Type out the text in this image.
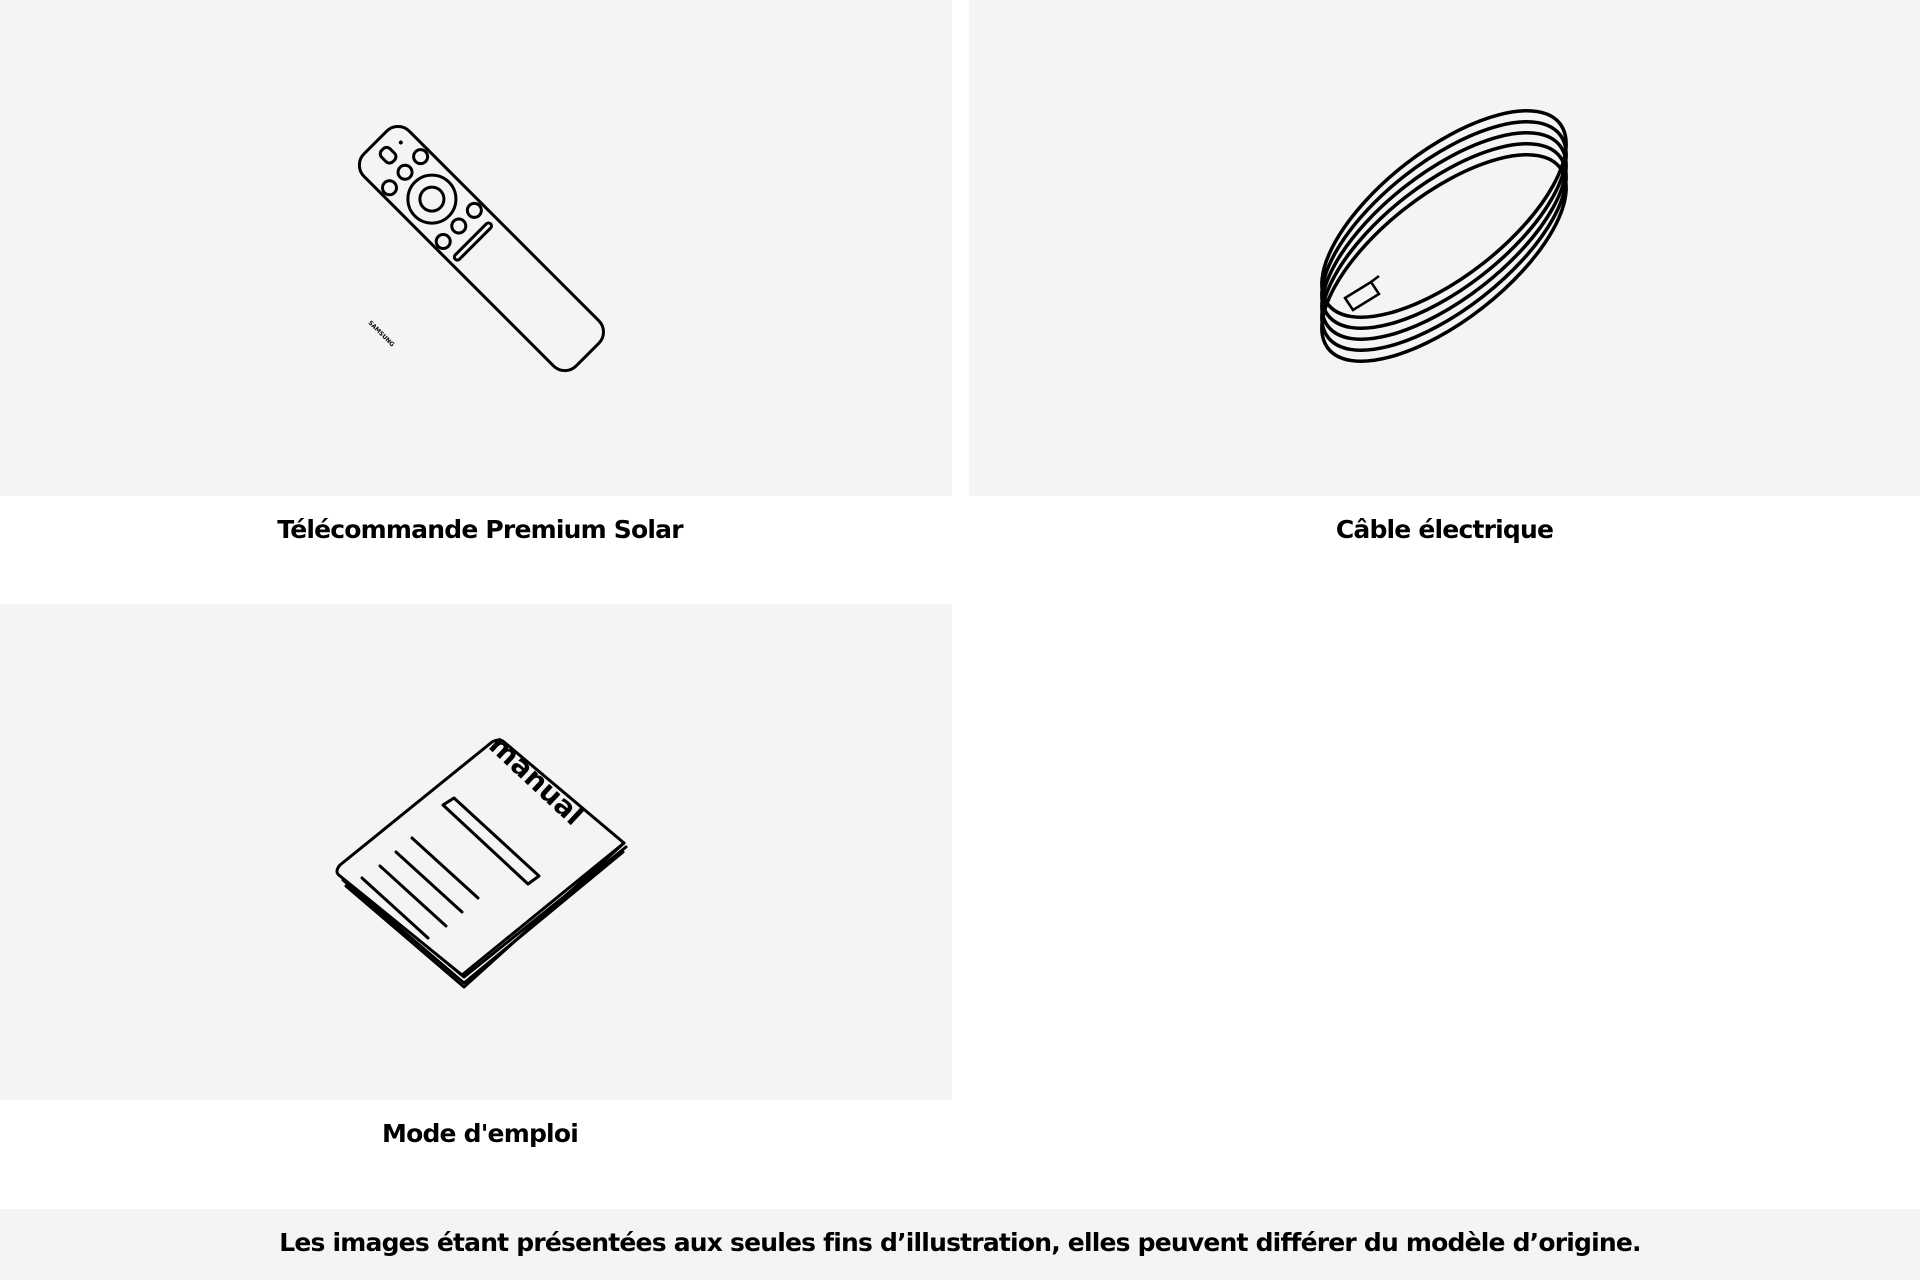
SAMSUNG
Télécommande Premium Solar	Câble électrique
manual
Mode d'emploi
Les images étant présentées aux seules fins d’illustration, elles peuvent différer du modèle d’origine.
